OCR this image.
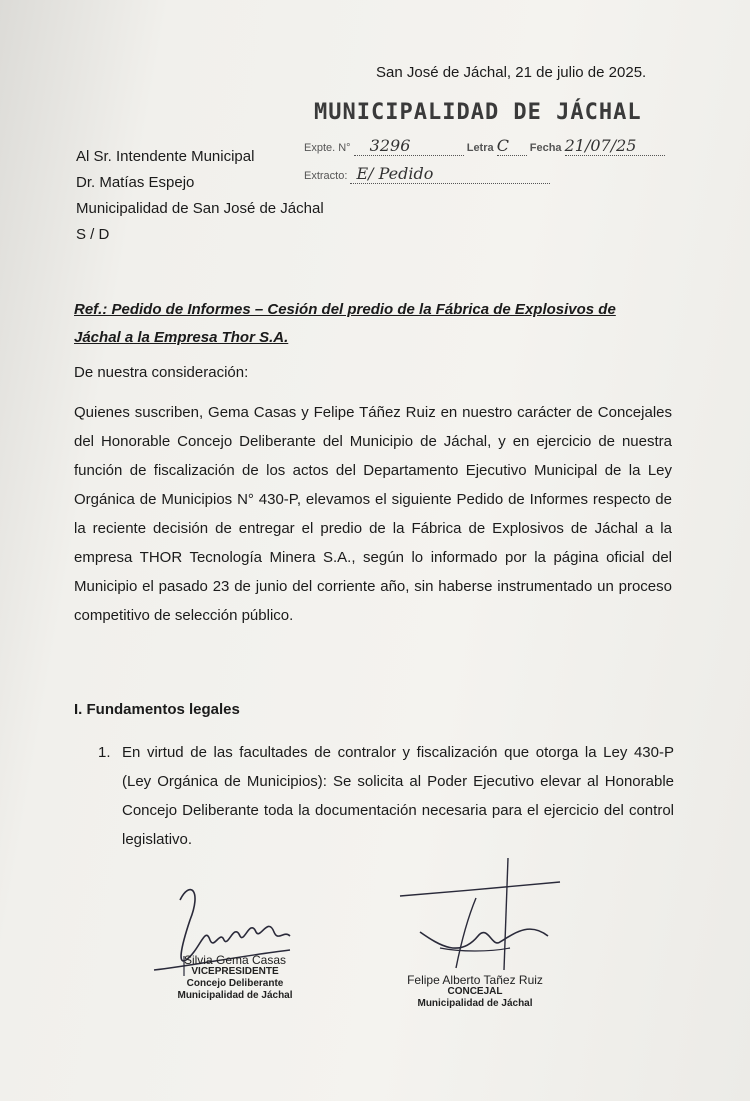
San José de Jáchal, 21 de julio de 2025.
MUNICIPALIDAD DE JÁCHAL
Expte. N° 3296	Letra C Fecha 21/07/25
Extracto: E/ Pedido
Al Sr. Intendente Municipal
Dr. Matías Espejo
Municipalidad de San José de Jáchal
S / D
Ref.: Pedido de Informes – Cesión del predio de la Fábrica de Explosivos de Jáchal a la Empresa Thor S.A.
De nuestra consideración:
Quienes suscriben, Gema Casas y Felipe Táñez Ruiz en nuestro carácter de Concejales del Honorable Concejo Deliberante del Municipio de Jáchal, y en ejercicio de nuestra función de fiscalización de los actos del Departamento Ejecutivo Municipal de la Ley Orgánica de Municipios N° 430-P, elevamos el siguiente Pedido de Informes respecto de la reciente decisión de entregar el predio de la Fábrica de Explosivos de Jáchal a la empresa THOR Tecnología Minera S.A., según lo informado por la página oficial del Municipio el pasado 23 de junio del corriente año, sin haberse instrumentado un proceso competitivo de selección público.
I. Fundamentos legales
1. En virtud de las facultades de contralor y fiscalización que otorga la Ley 430-P (Ley Orgánica de Municipios): Se solicita al Poder Ejecutivo elevar al Honorable Concejo Deliberante toda la documentación necesaria para el ejercicio del control legislativo.
Silvia Gema Casas
VICEPRESIDENTE
Concejo Deliberante
Municipalidad de Jáchal
Felipe Alberto Tañez Ruiz
CONCEJAL
Municipalidad de Jáchal
